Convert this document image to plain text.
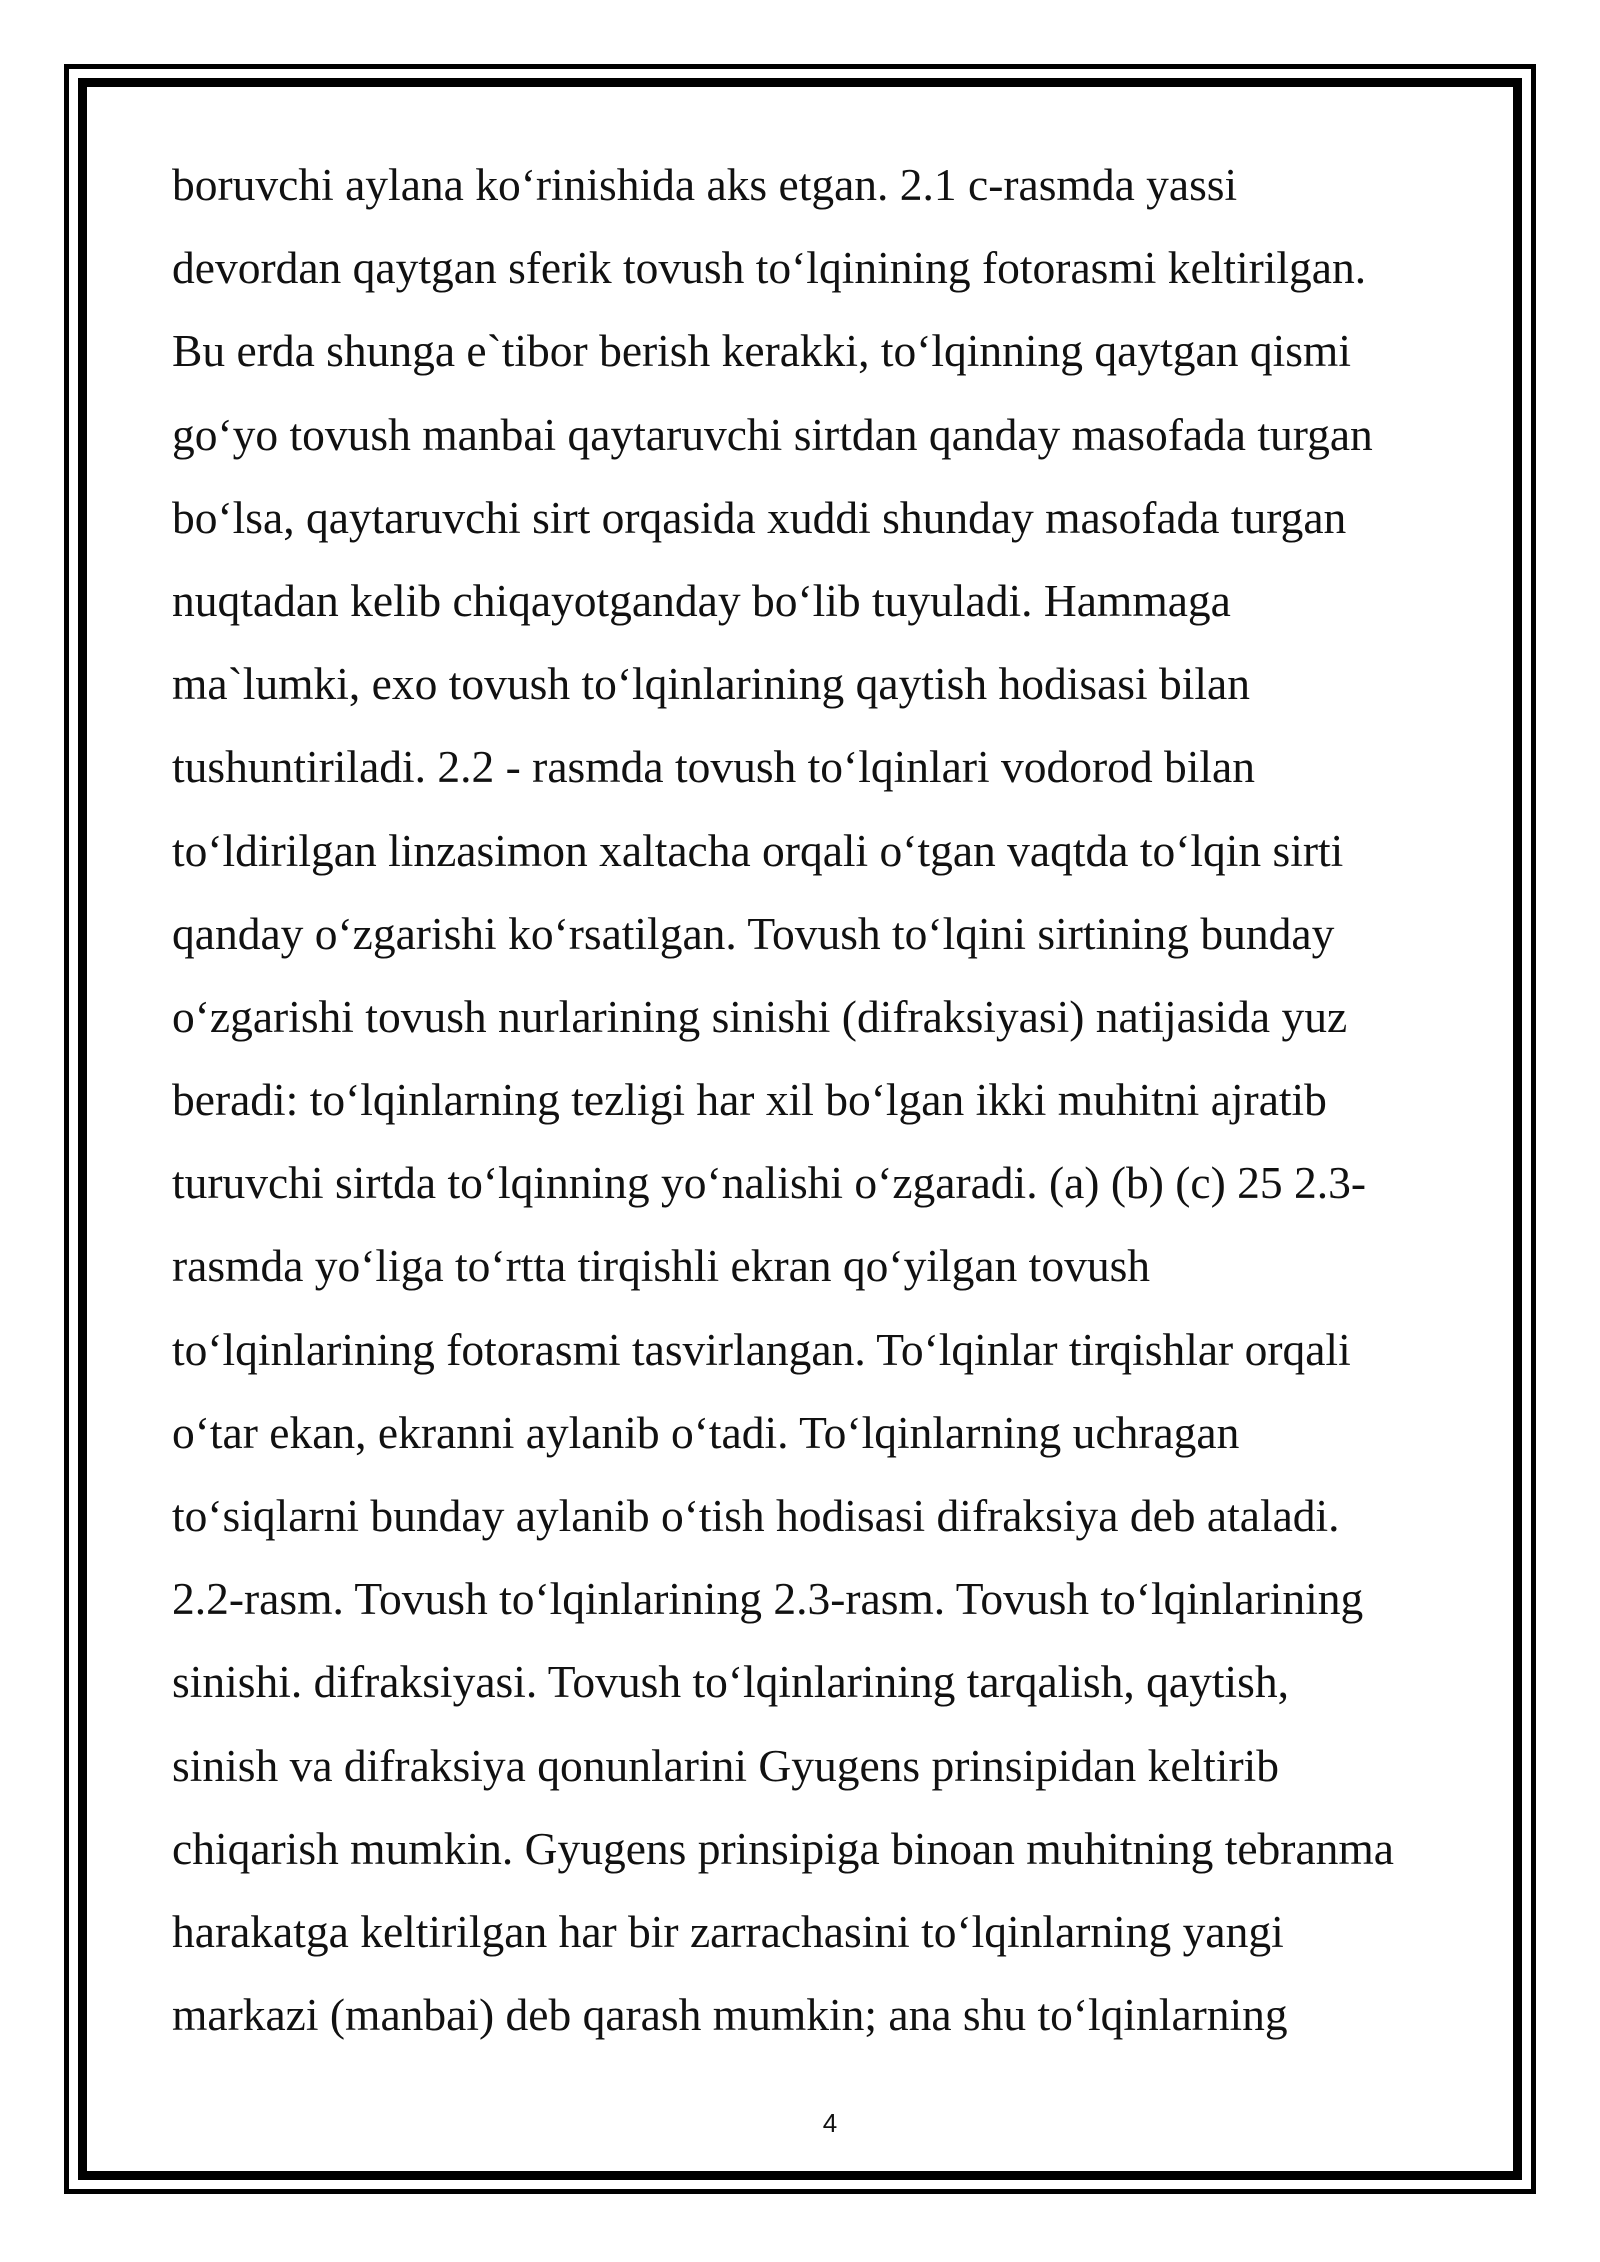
boruvchi aylana ko‘rinishida aks etgan. 2.1 c-rasmda yassi

devordan qaytgan sferik tovush to‘lqinining fotorasmi keltirilgan.

Bu erda shunga e`tibor berish kerakki, to‘lqinning qaytgan qismi

go‘yo tovush manbai qaytaruvchi sirtdan qanday masofada turgan

bo‘lsa, qaytaruvchi sirt orqasida xuddi shunday masofada turgan

nuqtadan kelib chiqayotganday bo‘lib tuyuladi. Hammaga

ma`lumki, exo tovush to‘lqinlarining qaytish hodisasi bilan

tushuntiriladi. 2.2 - rasmda tovush to‘lqinlari vodorod bilan

to‘ldirilgan linzasimon xaltacha orqali o‘tgan vaqtda to‘lqin sirti

qanday o‘zgarishi ko‘rsatilgan. Tovush to‘lqini sirtining bunday

o‘zgarishi tovush nurlarining sinishi (difraksiyasi) natijasida yuz

beradi: to‘lqinlarning tezligi har xil bo‘lgan ikki muhitni ajratib

turuvchi sirtda to‘lqinning yo‘nalishi o‘zgaradi. (a) (b) (c) 25 2.3-

rasmda yo‘liga to‘rtta tirqishli ekran qo‘yilgan tovush

to‘lqinlarining fotorasmi tasvirlangan. To‘lqinlar tirqishlar orqali

o‘tar ekan, ekranni aylanib o‘tadi. To‘lqinlarning uchragan

to‘siqlarni bunday aylanib o‘tish hodisasi difraksiya deb ataladi.

2.2-rasm. Tovush to‘lqinlarining 2.3-rasm. Tovush to‘lqinlarining

sinishi. difraksiyasi. Tovush to‘lqinlarining tarqalish, qaytish,

sinish va difraksiya qonunlarini Gyugens prinsipidan keltirib

chiqarish mumkin. Gyugens prinsipiga binoan muhitning tebranma

harakatga keltirilgan har bir zarrachasini to‘lqinlarning yangi

markazi (manbai) deb qarash mumkin; ana shu to‘lqinlarning

4
